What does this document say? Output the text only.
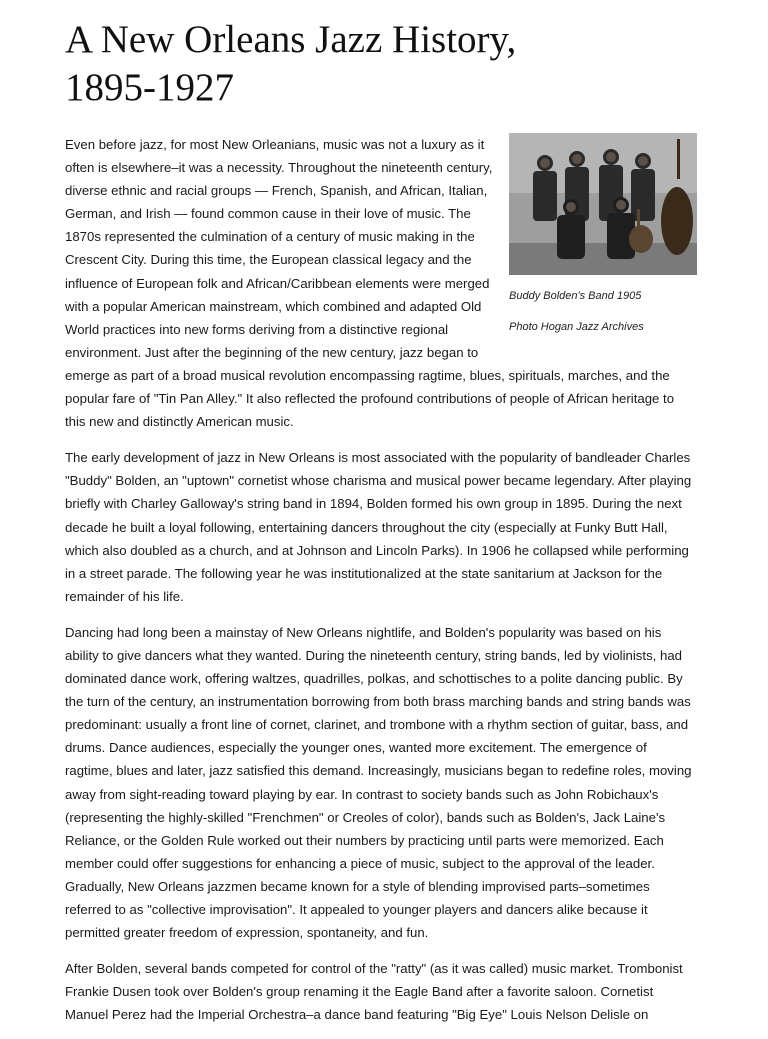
A New Orleans Jazz History,
1895-1927
Buddy Bolden's Band 1905
Photo Hogan Jazz Archives

Even before jazz, for most New Orleanians, music was not a luxury as it often is elsewhere–it was a necessity. Throughout the nineteenth century, diverse ethnic and racial groups — French, Spanish, and African, Italian, German, and Irish — found common cause in their love of music. The 1870s represented the culmination of a century of music making in the Crescent City. During this time, the European classical legacy and the influence of European folk and African/Caribbean elements were merged with a popular American mainstream, which combined and adapted Old World practices into new forms deriving from a distinctive regional environment. Just after the beginning of the new century, jazz began to emerge as part of a broad musical revolution encompassing ragtime, blues, spirituals, marches, and the popular fare of "Tin Pan Alley." It also reflected the profound contributions of people of African heritage to this new and distinctly American music.

The early development of jazz in New Orleans is most associated with the popularity of bandleader Charles "Buddy" Bolden, an "uptown" cornetist whose charisma and musical power became legendary. After playing briefly with Charley Galloway's string band in 1894, Bolden formed his own group in 1895. During the next decade he built a loyal following, entertaining dancers throughout the city (especially at Funky Butt Hall, which also doubled as a church, and at Johnson and Lincoln Parks). In 1906 he collapsed while performing in a street parade. The following year he was institutionalized at the state sanitarium at Jackson for the remainder of his life.

Dancing had long been a mainstay of New Orleans nightlife, and Bolden's popularity was based on his ability to give dancers what they wanted. During the nineteenth century, string bands, led by violinists, had dominated dance work, offering waltzes, quadrilles, polkas, and schottisches to a polite dancing public. By the turn of the century, an instrumentation borrowing from both brass marching bands and string bands was predominant: usually a front line of cornet, clarinet, and trombone with a rhythm section of guitar, bass, and drums. Dance audiences, especially the younger ones, wanted more excitement. The emergence of ragtime, blues and later, jazz satisfied this demand. Increasingly, musicians began to redefine roles, moving away from sight-reading toward playing by ear. In contrast to society bands such as John Robichaux's (representing the highly-skilled "Frenchmen" or Creoles of color), bands such as Bolden's, Jack Laine's Reliance, or the Golden Rule worked out their numbers by practicing until parts were memorized. Each member could offer suggestions for enhancing a piece of music, subject to the approval of the leader. Gradually, New Orleans jazzmen became known for a style of blending improvised parts–sometimes referred to as "collective improvisation". It appealed to younger players and dancers alike because it permitted greater freedom of expression, spontaneity, and fun.

After Bolden, several bands competed for control of the "ratty" (as it was called) music market. Trombonist Frankie Dusen took over Bolden's group renaming it the Eagle Band after a favorite saloon. Cornetist Manuel Perez had the Imperial Orchestra–a dance band featuring "Big Eye" Louis Nelson Delisle on
